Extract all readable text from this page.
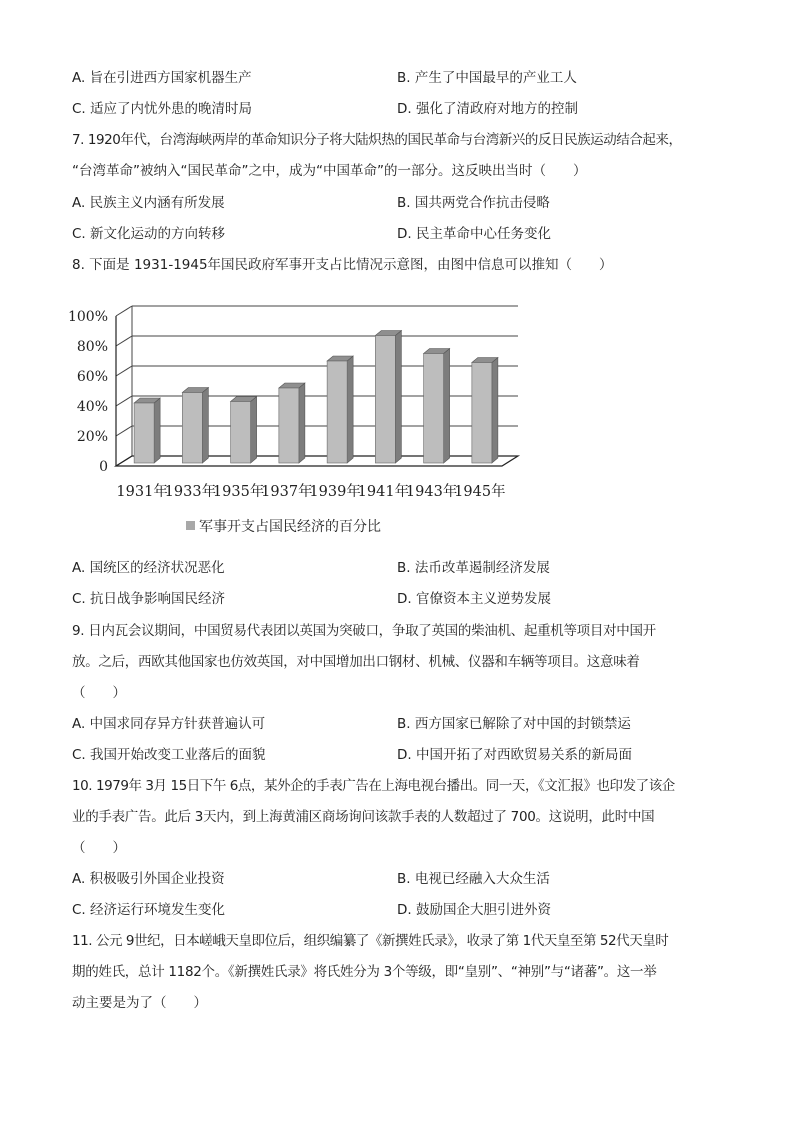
A. 旨在引进西方国家机器生产	B. 产生了中国最早的产业工人
C. 适应了内忧外患的晚清时局	D. 强化了清政府对地方的控制
7. 1920年代，台湾海峡两岸的革命知识分子将大陆炽热的国民革命与台湾新兴的反日民族运动结合起来，
“台湾革命”被纳入“国民革命”之中，成为“中国革命”的一部分。这反映出当时（　　）
A. 民族主义内涵有所发展	B. 国共两党合作抗击侵略
C. 新文化运动的方向转移	D. 民主革命中心任务变化
8. 下面是 1931-1945年国民政府军事开支占比情况示意图，由图中信息可以推知（　　）
0
20%
40%
60%
80%
100%
1931年
1933年
1935年
1937年
1939年
1941年
1943年
1945年
军事开支占国民经济的百分比
A. 国统区的经济状况恶化	B. 法币改革遏制经济发展
C. 抗日战争影响国民经济	D. 官僚资本主义逆势发展
9. 日内瓦会议期间，中国贸易代表团以英国为突破口，争取了英国的柴油机、起重机等项目对中国开
放。之后，西欧其他国家也仿效英国，对中国增加出口钢材、机械、仪器和车辆等项目。这意味着
（　　）
A. 中国求同存异方针获普遍认可	B. 西方国家已解除了对中国的封锁禁运
C. 我国开始改变工业落后的面貌	D. 中国开拓了对西欧贸易关系的新局面
10. 1979年 3月 15日下午 6点，某外企的手表广告在上海电视台播出。同一天，《文汇报》也印发了该企
业的手表广告。此后 3天内，到上海黄浦区商场询问该款手表的人数超过了 700。这说明，此时中国
（　　）
A. 积极吸引外国企业投资	B. 电视已经融入大众生活
C. 经济运行环境发生变化	D. 鼓励国企大胆引进外资
11. 公元 9世纪，日本嵯峨天皇即位后，组织编纂了《新撰姓氏录》，收录了第 1代天皇至第 52代天皇时
期的姓氏，总计 1182个。《新撰姓氏录》将氏姓分为 3个等级，即“皇别”、“神别”与“诸蕃”。这一举
动主要是为了（　　）
